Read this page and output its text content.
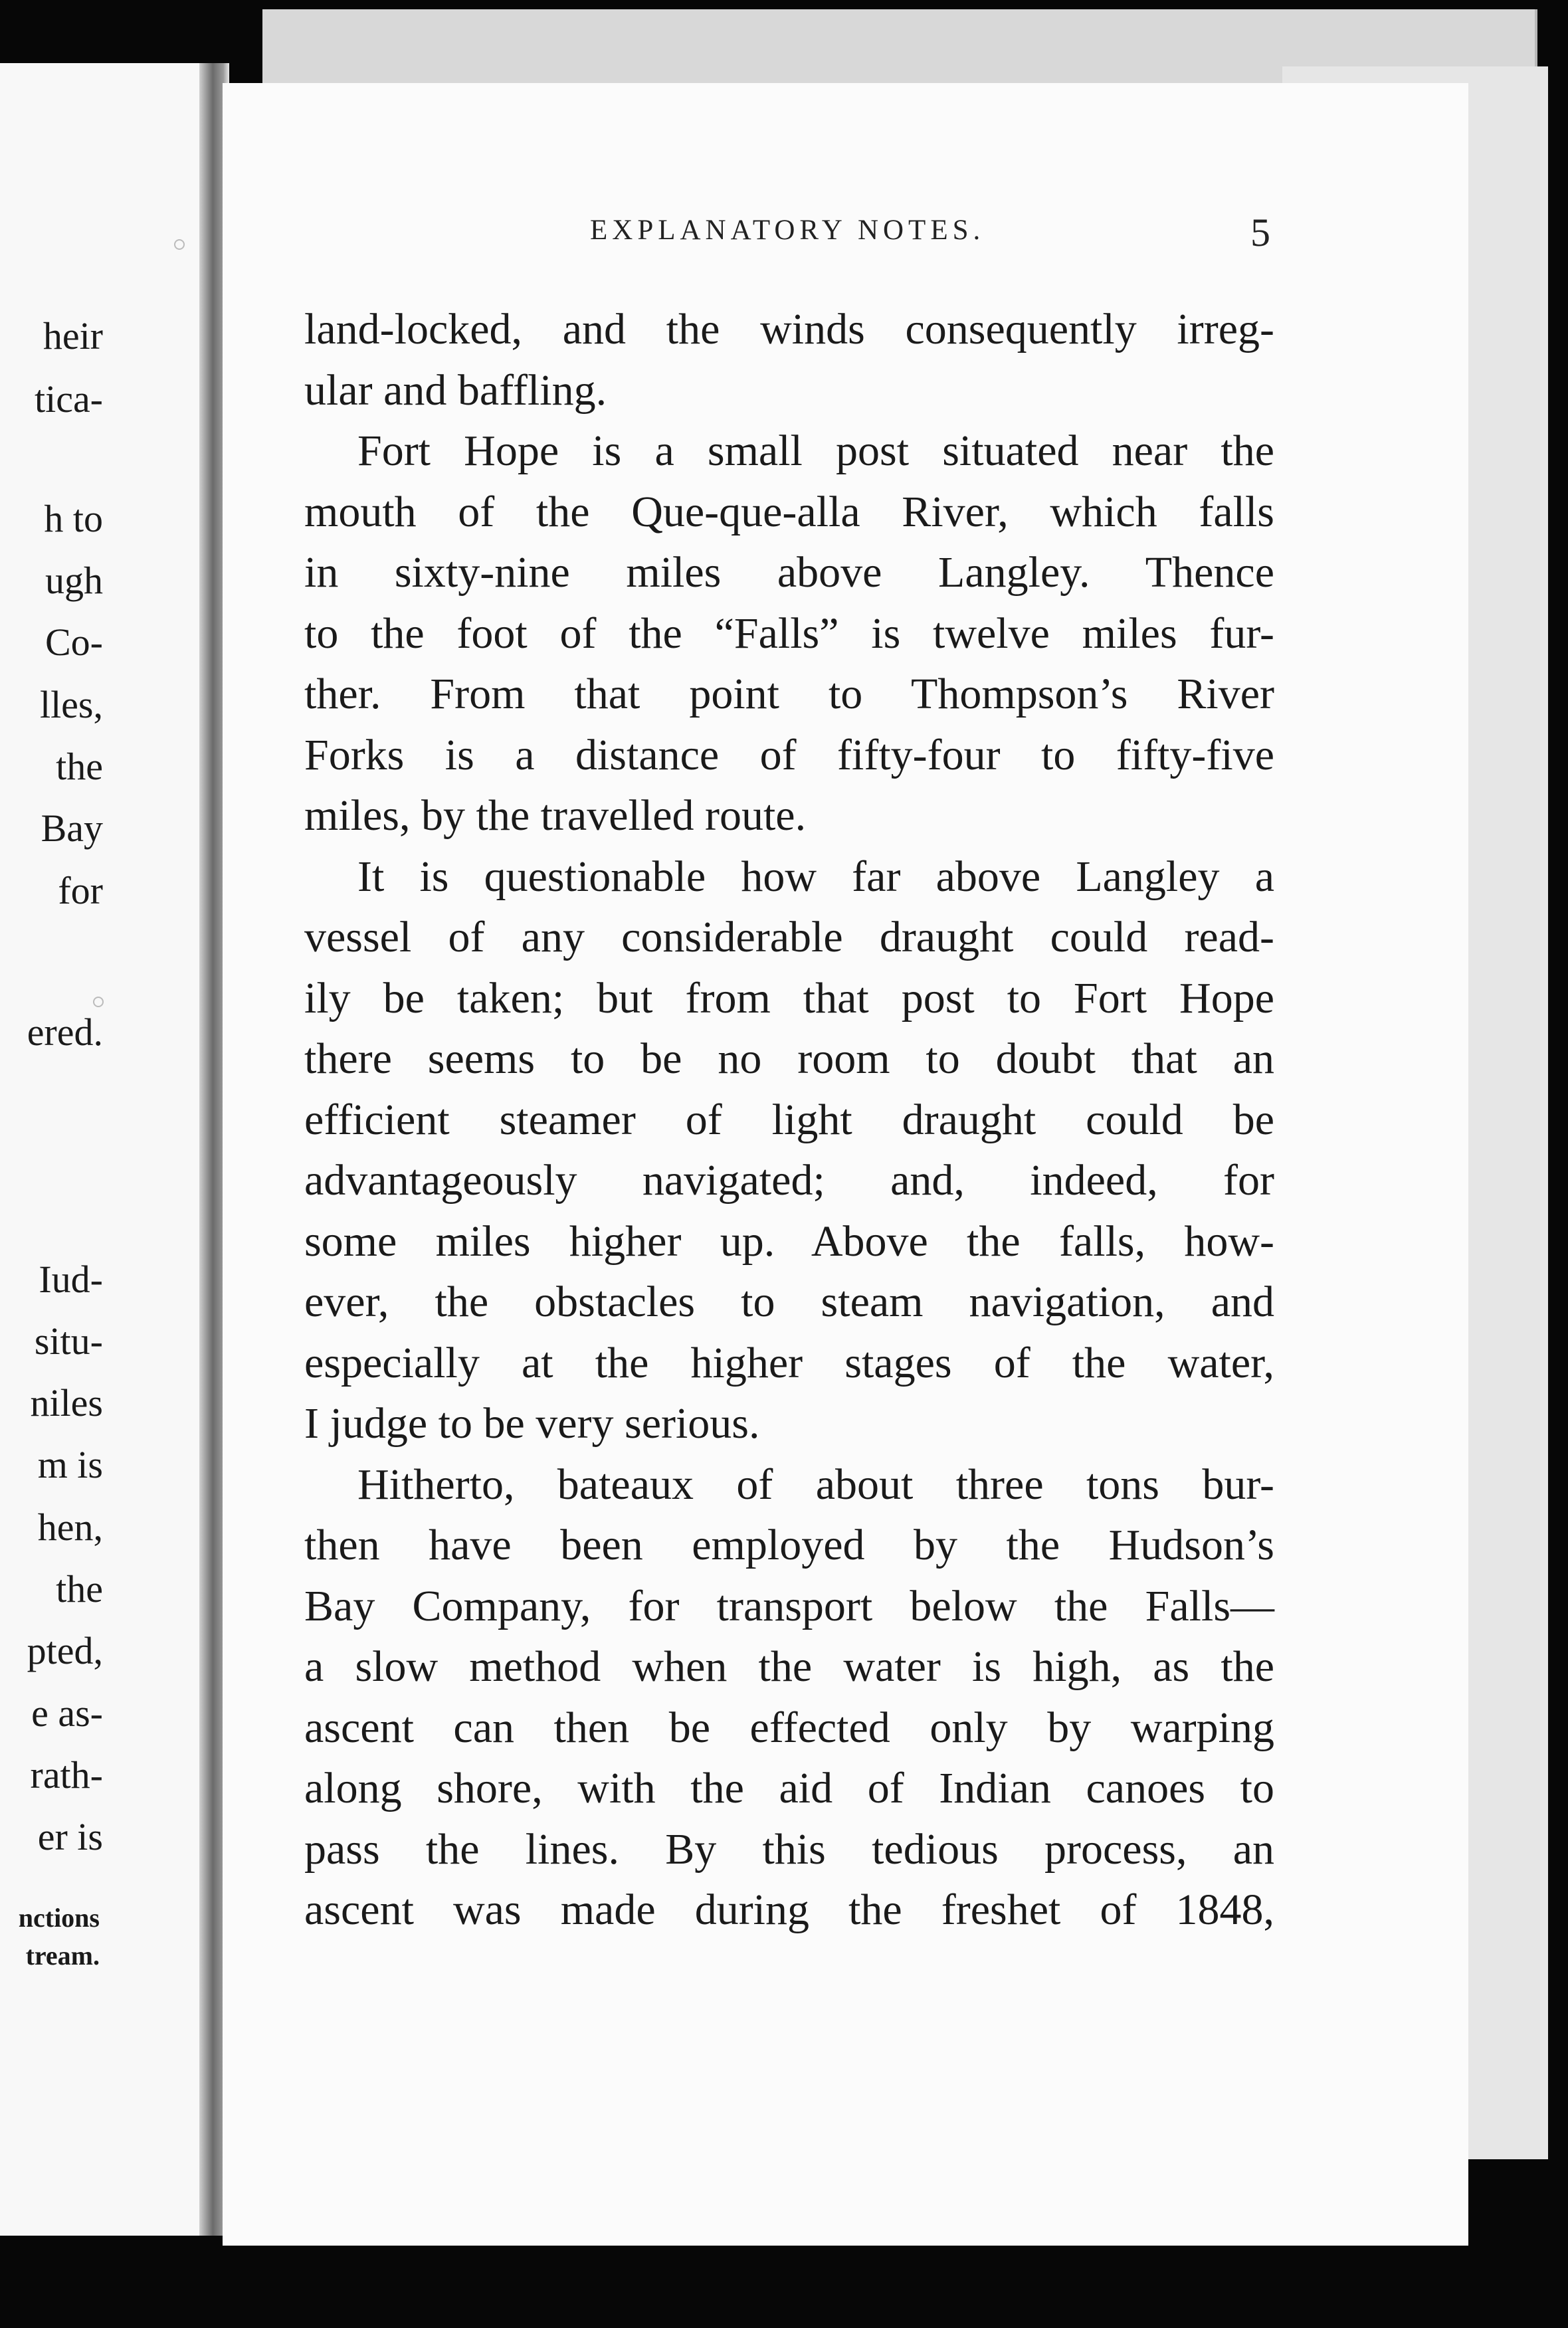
heir
tica-
h to
ugh
Co-
lles,
the
Bay
for
ered.
Iud-
situ-
niles
m is
hen,
the
pted,
e as-
rath-
er is
nctions
tream.
EXPLANATORY NOTES.	5
land-locked, and the winds consequently irreg-
ular and baffling.
Fort Hope is a small post situated near the
mouth of the Que-que-alla River, which falls
in sixty-nine miles above Langley. Thence
to the foot of the “Falls” is twelve miles fur-
ther. From that point to Thompson’s River
Forks is a distance of fifty-four to fifty-five
miles, by the travelled route.
It is questionable how far above Langley a
vessel of any considerable draught could read-
ily be taken; but from that post to Fort Hope
there seems to be no room to doubt that an
efficient steamer of light draught could be
advantageously navigated; and, indeed, for
some miles higher up. Above the falls, how-
ever, the obstacles to steam navigation, and
especially at the higher stages of the water,
I judge to be very serious.
Hitherto, bateaux of about three tons bur-
then have been employed by the Hudson’s
Bay Company, for transport below the Falls—
a slow method when the water is high, as the
ascent can then be effected only by warping
along shore, with the aid of Indian canoes to
pass the lines. By this tedious process, an
ascent was made during the freshet of 1848,
